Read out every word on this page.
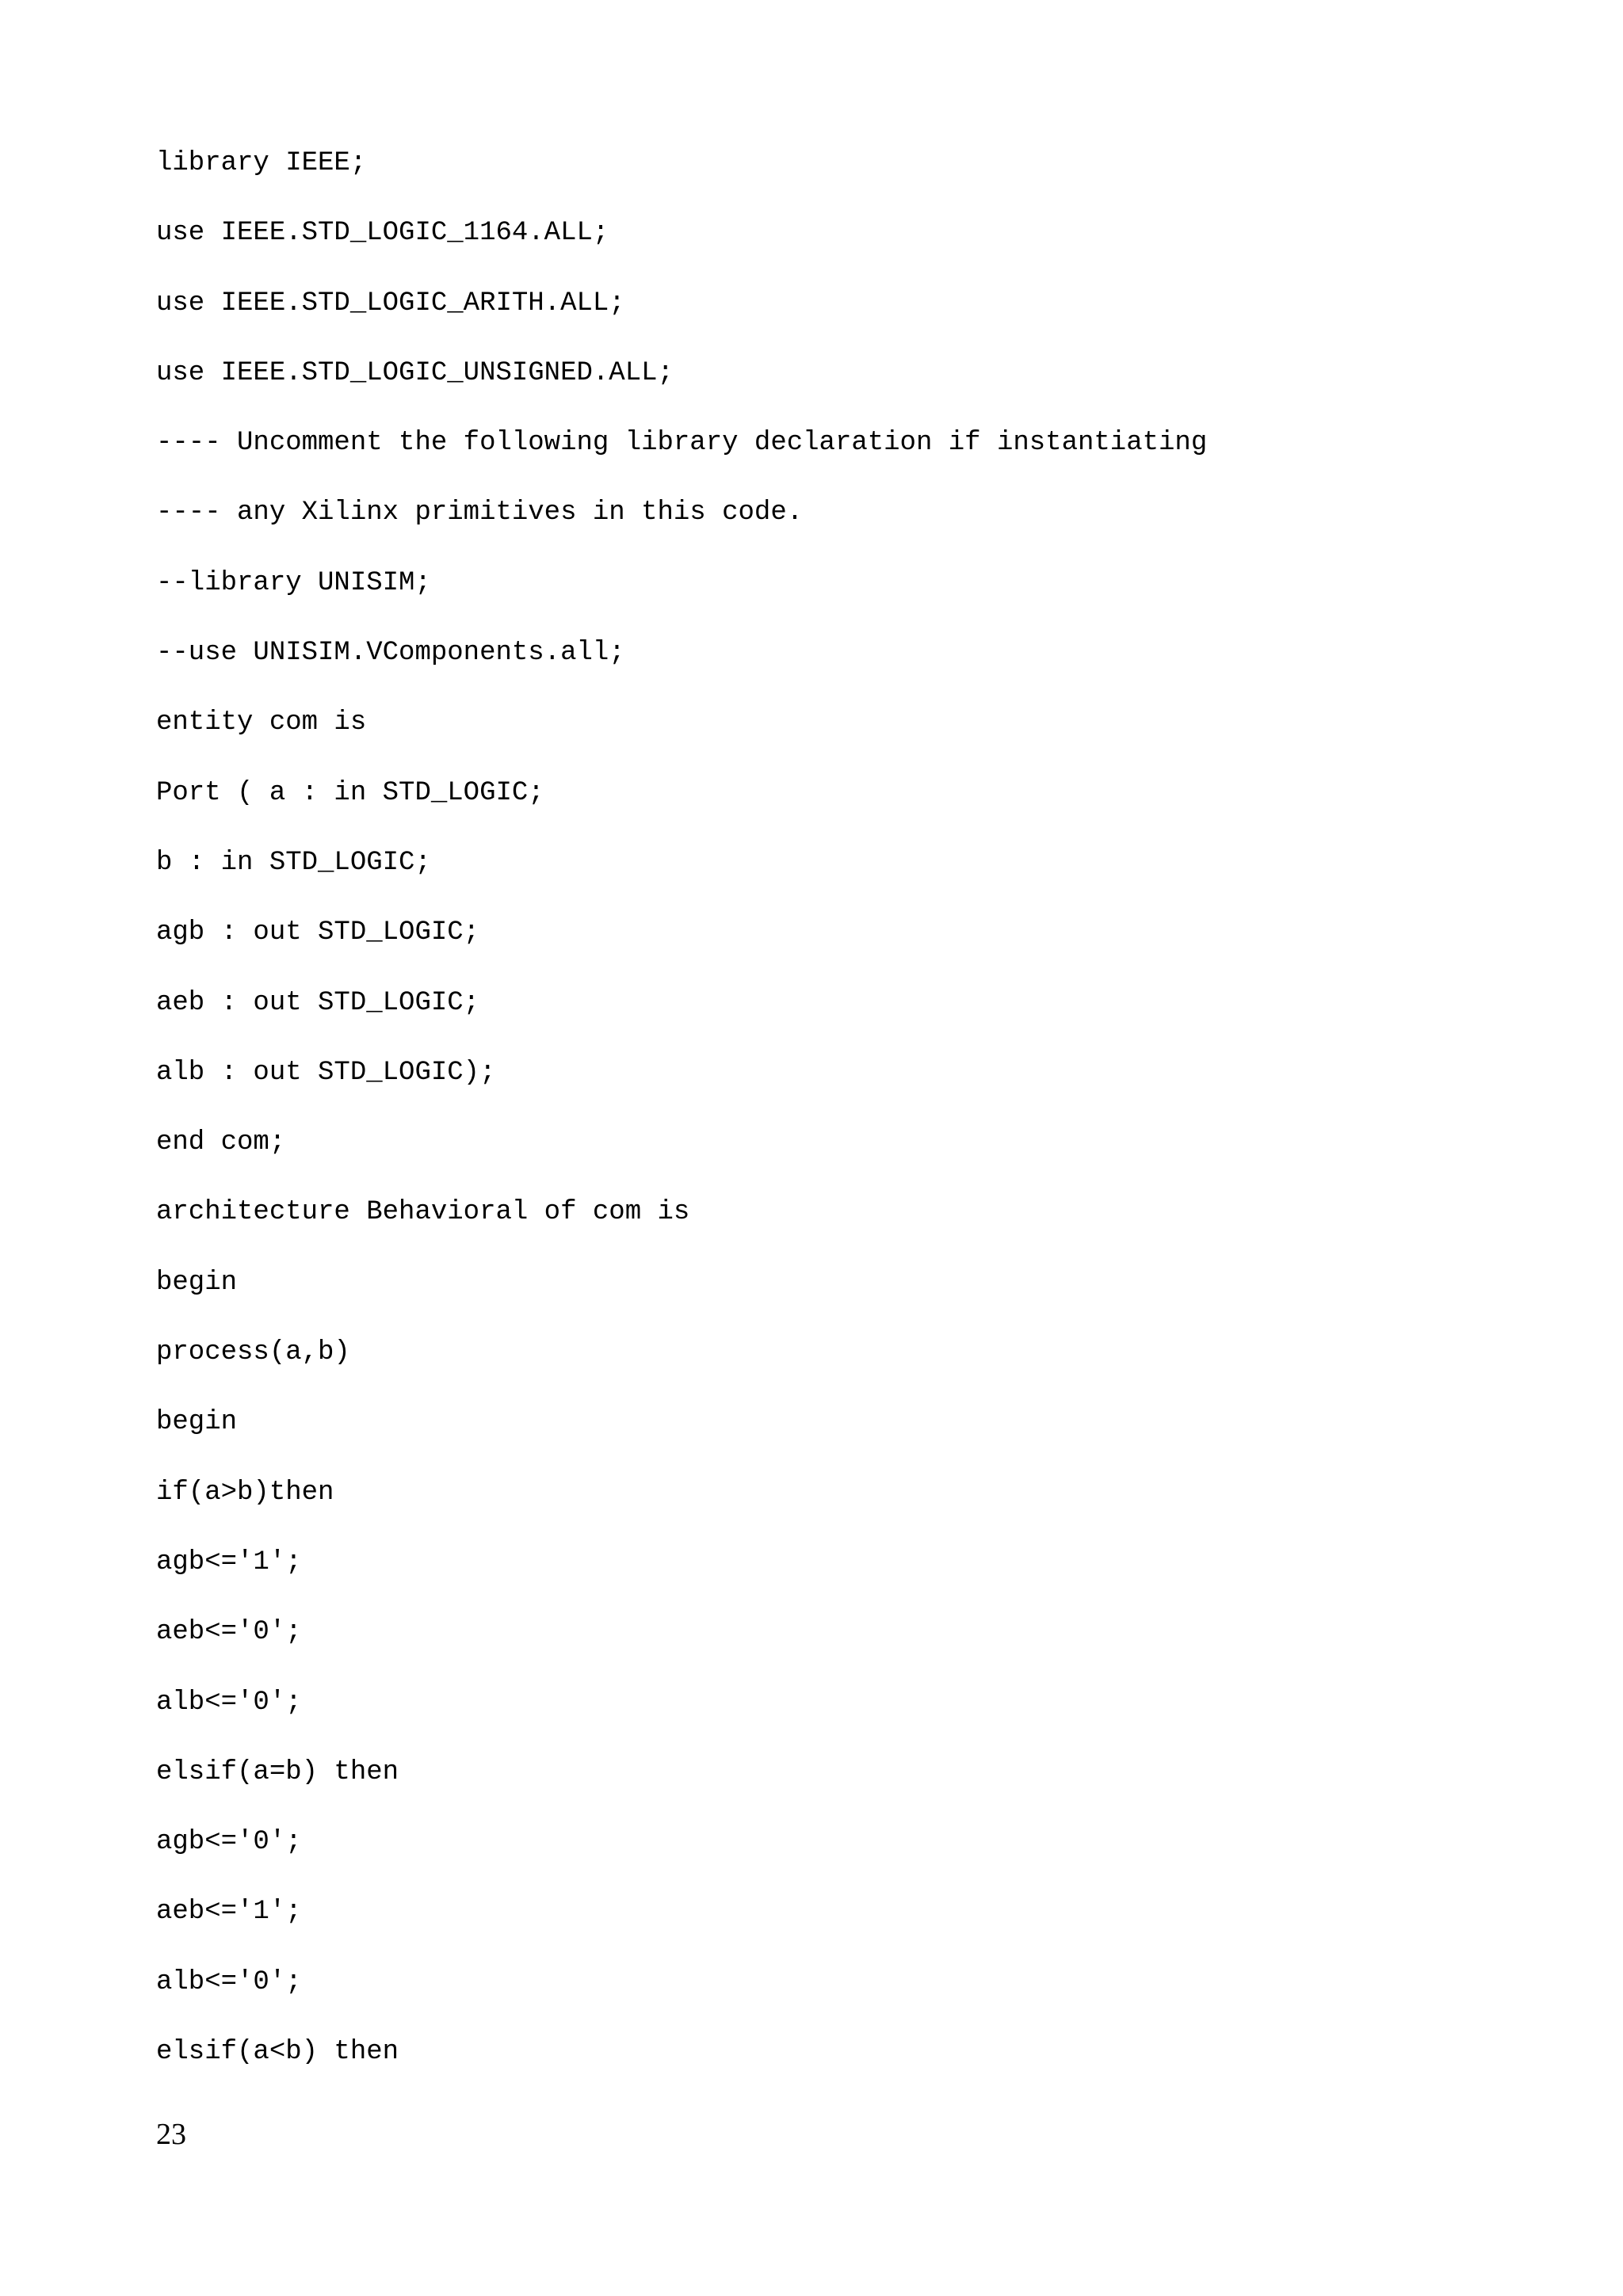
library IEEE;
use IEEE.STD_LOGIC_1164.ALL;
use IEEE.STD_LOGIC_ARITH.ALL;
use IEEE.STD_LOGIC_UNSIGNED.ALL;
---- Uncomment the following library declaration if instantiating
---- any Xilinx primitives in this code.
--library UNISIM;
--use UNISIM.VComponents.all;
entity com is
Port ( a : in STD_LOGIC;
b : in STD_LOGIC;
agb : out STD_LOGIC;
aeb : out STD_LOGIC;
alb : out STD_LOGIC);
end com;
architecture Behavioral of com is
begin
process(a,b)
begin
if(a>b)then
agb<='1';
aeb<='0';
alb<='0';
elsif(a=b) then
agb<='0';
aeb<='1';
alb<='0';
elsif(a<b) then
23
